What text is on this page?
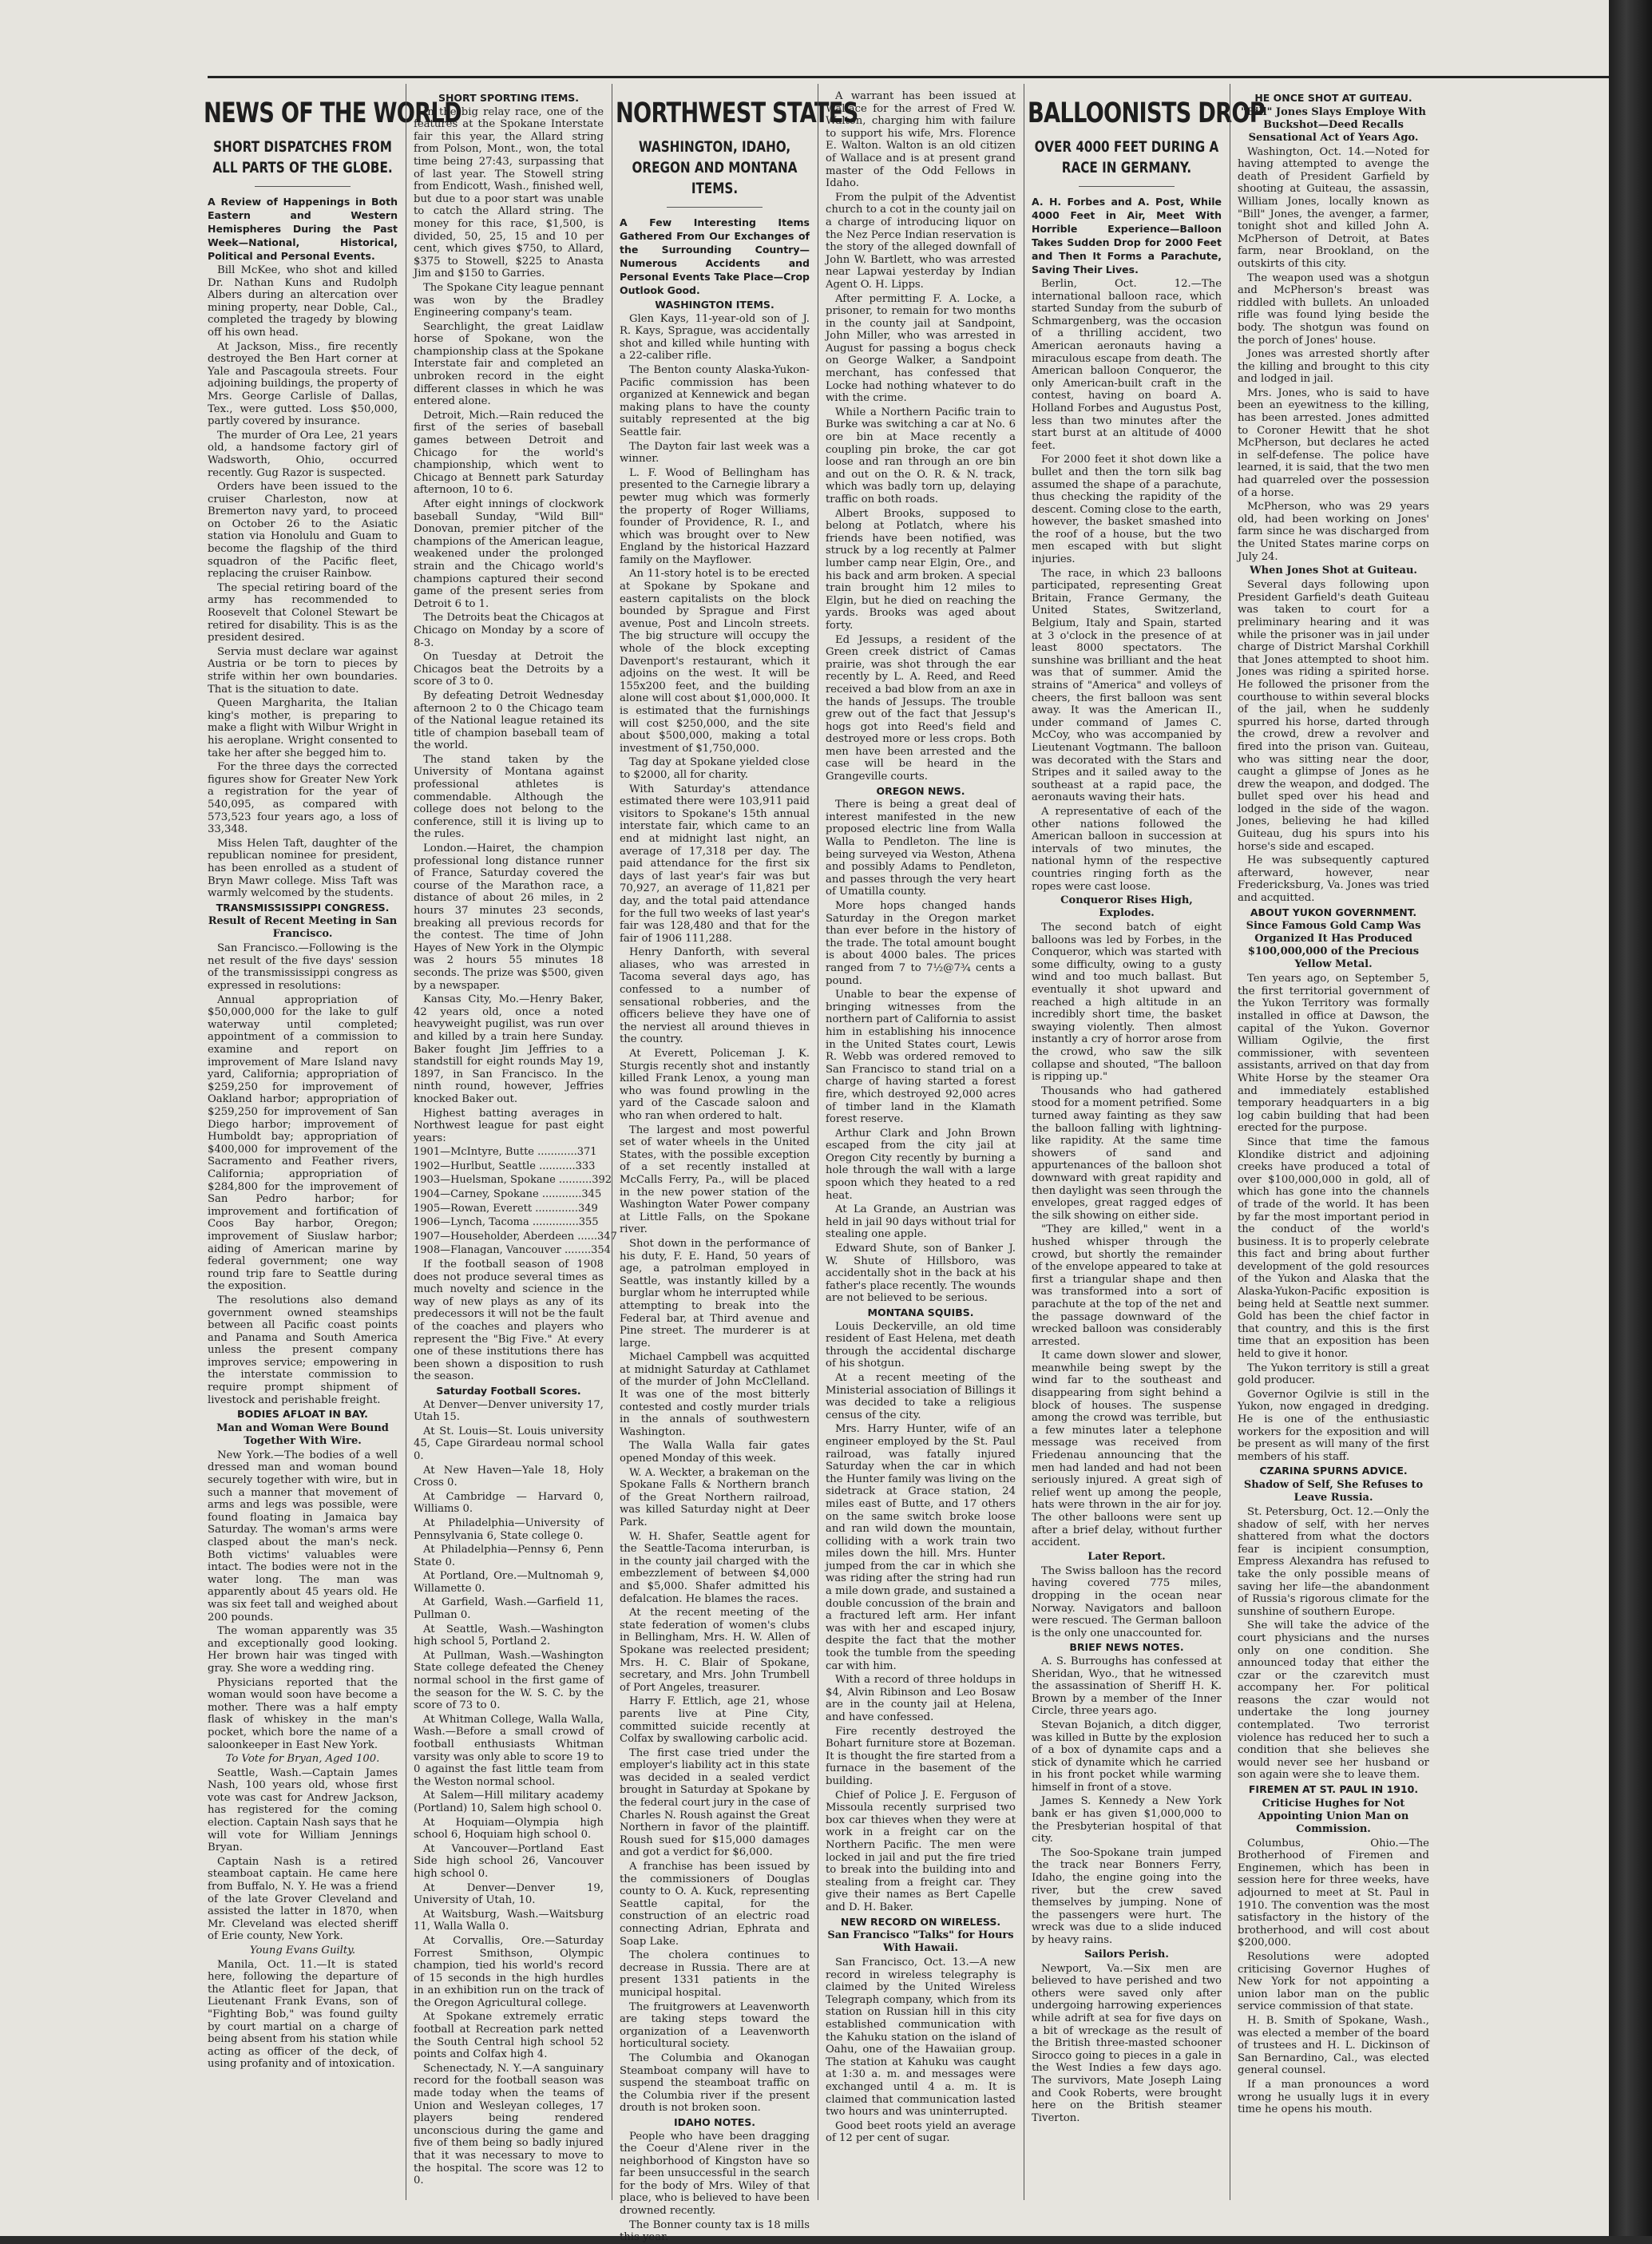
NEWS OF THE WORLD
SHORT DISPATCHES FROM ALL PARTS OF THE GLOBE.

A Review of Happenings in Both Eastern and Western Hemispheres During the Past Week—National, Historical, Political and Personal Events.

Bill McKee, who shot and killed Dr. Nathan Kuns and Rudolph Albers during an altercation over mining property, near Doble, Cal., completed the tragedy by blowing off his own head.

At Jackson, Miss., fire recently destroyed the Ben Hart corner at Yale and Pascagoula streets. Four adjoining buildings, the property of Mrs. George Carlisle of Dallas, Tex., were gutted. Loss $50,000, partly covered by insurance.

The murder of Ora Lee, 21 years old, a handsome factory girl of Wadsworth, Ohio, occurred recently. Gug Razor is suspected.

Orders have been issued to the cruiser Charleston, now at Bremerton navy yard, to proceed on October 26 to the Asiatic station via Honolulu and Guam to become the flagship of the third squadron of the Pacific fleet, replacing the cruiser Rainbow.

The special retiring board of the army has recommended to Roosevelt that Colonel Stewart be retired for disability. This is as the president desired.

Servia must declare war against Austria or be torn to pieces by strife within her own boundaries. That is the situation to date.

Queen Margharita, the Italian king's mother, is preparing to make a flight with Wilbur Wright in his aeroplane. Wright consented to take her after she begged him to.

For the three days the corrected figures show for Greater New York a registration for the year of 540,095, as compared with 573,523 four years ago, a loss of 33,348.

Miss Helen Taft, daughter of the republican nominee for president, has been enrolled as a student of Bryn Mawr college. Miss Taft was warmly welcomed by the students.

TRANSMISSISSIPPI CONGRESS.

Result of Recent Meeting in San Francisco.

San Francisco.—Following is the net result of the five days' session of the transmississippi congress as expressed in resolutions:

Annual appropriation of $50,000,000 for the lake to gulf waterway until completed; appointment of a commission to examine and report on improvement of Mare Island navy yard, California; appropriation of $259,250 for improvement of Oakland harbor; appropriation of $259,250 for improvement of San Diego harbor; improvement of Humboldt bay; appropriation of $400,000 for improvement of the Sacramento and Feather rivers, California; appropriation of $284,800 for the improvement of San Pedro harbor; for improvement and fortification of Coos Bay harbor, Oregon; improvement of Siuslaw harbor; aiding of American marine by federal government; one way round trip fare to Seattle during the exposition.

The resolutions also demand government owned steamships between all Pacific coast points and Panama and South America unless the present company improves service; empowering in the interstate commission to require prompt shipment of livestock and perishable freight.

BODIES AFLOAT IN BAY.

Man and Woman Were Bound Together With Wire.

New York.—The bodies of a well dressed man and woman bound securely together with wire, but in such a manner that movement of arms and legs was possible, were found floating in Jamaica bay Saturday. The woman's arms were clasped about the man's neck. Both victims' valuables were intact. The bodies were not in the water long. The man was apparently about 45 years old. He was six feet tall and weighed about 200 pounds.

The woman apparently was 35 and exceptionally good looking. Her brown hair was tinged with gray. She wore a wedding ring.

Physicians reported that the woman would soon have become a mother. There was a half empty flask of whiskey in the man's pocket, which bore the name of a saloonkeeper in East New York.

To Vote for Bryan, Aged 100.

Seattle, Wash.—Captain James Nash, 100 years old, whose first vote was cast for Andrew Jackson, has registered for the coming election. Captain Nash says that he will vote for William Jennings Bryan.

Captain Nash is a retired steamboat captain. He came here from Buffalo, N. Y. He was a friend of the late Grover Cleveland and assisted the latter in 1870, when Mr. Cleveland was elected sheriff of Erie county, New York.

Young Evans Guilty.

Manila, Oct. 11.—It is stated here, following the departure of the Atlantic fleet for Japan, that Lieutenant Frank Evans, son of "Fighting Bob," was found guilty by court martial on a charge of being absent from his station while acting as officer of the deck, of using profanity and of intoxication.

SHORT SPORTING ITEMS.

In the big relay race, one of the features at the Spokane Interstate fair this year, the Allard string from Polson, Mont., won, the total time being 27:43, surpassing that of last year. The Stowell string from Endicott, Wash., finished well, but due to a poor start was unable to catch the Allard string. The money for this race, $1,500, is divided, 50, 25, 15 and 10 per cent, which gives $750, to Allard, $375 to Stowell, $225 to Anasta Jim and $150 to Garries.

The Spokane City league pennant was won by the Bradley Engineering company's team.

Searchlight, the great Laidlaw horse of Spokane, won the championship class at the Spokane Interstate fair and completed an unbroken record in the eight different classes in which he was entered alone.

Detroit, Mich.—Rain reduced the first of the series of baseball games between Detroit and Chicago for the world's championship, which went to Chicago at Bennett park Saturday afternoon, 10 to 6.

After eight innings of clockwork baseball Sunday, "Wild Bill" Donovan, premier pitcher of the champions of the American league, weakened under the prolonged strain and the Chicago world's champions captured their second game of the present series from Detroit 6 to 1.

The Detroits beat the Chicagos at Chicago on Monday by a score of 8-3.

On Tuesday at Detroit the Chicagos beat the Detroits by a score of 3 to 0.

By defeating Detroit Wednesday afternoon 2 to 0 the Chicago team of the National league retained its title of champion baseball team of the world.

The stand taken by the University of Montana against professional athletes is commendable. Although the college does not belong to the conference, still it is living up to the rules.

London.—Hairet, the champion professional long distance runner of France, Saturday covered the course of the Marathon race, a distance of about 26 miles, in 2 hours 37 minutes 23 seconds, breaking all previous records for the contest. The time of John Hayes of New York in the Olympic was 2 hours 55 minutes 18 seconds. The prize was $500, given by a newspaper.

Kansas City, Mo.—Henry Baker, 42 years old, once a noted heavyweight pugilist, was run over and killed by a train here Sunday. Baker fought Jim Jeffries to a standstill for eight rounds May 19, 1897, in San Francisco. In the ninth round, however, Jeffries knocked Baker out.

Highest batting averages in Northwest league for past eight years:

1901—McIntyre, Butte ............371

1902—Hurlbut, Seattle ...........333

1903—Huelsman, Spokane ..........392

1904—Carney, Spokane ............345

1905—Rowan, Everett .............349

1906—Lynch, Tacoma ..............355

1907—Householder, Aberdeen ......347

1908—Flanagan, Vancouver ........354

If the football season of 1908 does not produce several times as much novelty and science in the way of new plays as any of its predecessors it will not be the fault of the coaches and players who represent the "Big Five." At every one of these institutions there has been shown a disposition to rush the season.

Saturday Football Scores.

At Denver—Denver university 17, Utah 15.

At St. Louis—St. Louis university 45, Cape Girardeau normal school 0.

At New Haven—Yale 18, Holy Cross 0.

At Cambridge — Harvard 0, Williams 0.

At Philadelphia—University of Pennsylvania 6, State college 0.

At Philadelphia—Pennsy 6, Penn State 0.

At Portland, Ore.—Multnomah 9, Willamette 0.

At Garfield, Wash.—Garfield 11, Pullman 0.

At Seattle, Wash.—Washington high school 5, Portland 2.

At Pullman, Wash.—Washington State college defeated the Cheney normal school in the first game of the season for the W. S. C. by the score of 73 to 0.

At Whitman College, Walla Walla, Wash.—Before a small crowd of football enthusiasts Whitman varsity was only able to score 19 to 0 against the fast little team from the Weston normal school.

At Salem—Hill military academy (Portland) 10, Salem high school 0.

At Hoquiam—Olympia high school 6, Hoquiam high school 0.

At Vancouver—Portland East Side high school 26, Vancouver high school 0.

At Denver—Denver 19, University of Utah, 10.

At Waitsburg, Wash.—Waitsburg 11, Walla Walla 0.

At Corvallis, Ore.—Saturday Forrest Smithson, Olympic champion, tied his world's record of 15 seconds in the high hurdles in an exhibition run on the track of the Oregon Agricultural college.

At Spokane extremely erratic football at Recreation park netted the South Central high school 52 points and Colfax high 4.

Schenectady, N. Y.—A sanguinary record for the football season was made today when the teams of Union and Wesleyan colleges, 17 players being rendered unconscious during the game and five of them being so badly injured that it was necessary to move to the hospital. The score was 12 to 0.

NORTHWEST STATES
WASHINGTON, IDAHO, OREGON AND MONTANA ITEMS.

A Few Interesting Items Gathered From Our Exchanges of the Surrounding Country—Numerous Accidents and Personal Events Take Place—Crop Outlook Good.

WASHINGTON ITEMS.

Glen Kays, 11-year-old son of J. R. Kays, Sprague, was accidentally shot and killed while hunting with a 22-caliber rifle.

The Benton county Alaska-Yukon-Pacific commission has been organized at Kennewick and began making plans to have the county suitably represented at the big Seattle fair.

The Dayton fair last week was a winner.

L. F. Wood of Bellingham has presented to the Carnegie library a pewter mug which was formerly the property of Roger Williams, founder of Providence, R. I., and which was brought over to New England by the historical Hazzard family on the Mayflower.

An 11-story hotel is to be erected at Spokane by Spokane and eastern capitalists on the block bounded by Sprague and First avenue, Post and Lincoln streets. The big structure will occupy the whole of the block excepting Davenport's restaurant, which it adjoins on the west. It will be 155x200 feet, and the building alone will cost about $1,000,000. It is estimated that the furnishings will cost $250,000, and the site about $500,000, making a total investment of $1,750,000.

Tag day at Spokane yielded close to $2000, all for charity.

With Saturday's attendance estimated there were 103,911 paid visitors to Spokane's 15th annual interstate fair, which came to an end at midnight last night, an average of 17,318 per day. The paid attendance for the first six days of last year's fair was but 70,927, an average of 11,821 per day, and the total paid attendance for the full two weeks of last year's fair was 128,480 and that for the fair of 1906 111,288.

Henry Danforth, with several aliases, who was arrested in Tacoma several days ago, has confessed to a number of sensational robberies, and the officers believe they have one of the nerviest all around thieves in the country.

At Everett, Policeman J. K. Sturgis recently shot and instantly killed Frank Lenox, a young man who was found prowling in the yard of the Cascade saloon and who ran when ordered to halt.

The largest and most powerful set of water wheels in the United States, with the possible exception of a set recently installed at McCalls Ferry, Pa., will be placed in the new power station of the Washington Water Power company at Little Falls, on the Spokane river.

Shot down in the performance of his duty, F. E. Hand, 50 years of age, a patrolman employed in Seattle, was instantly killed by a burglar whom he interrupted while attempting to break into the Federal bar, at Third avenue and Pine street. The murderer is at large.

Michael Campbell was acquitted at midnight Saturday at Cathlamet of the murder of John McClelland. It was one of the most bitterly contested and costly murder trials in the annals of southwestern Washington.

The Walla Walla fair gates opened Monday of this week.

W. A. Weckter, a brakeman on the Spokane Falls & Northern branch of the Great Northern railroad, was killed Saturday night at Deer Park.

W. H. Shafer, Seattle agent for the Seattle-Tacoma interurban, is in the county jail charged with the embezzlement of between $4,000 and $5,000. Shafer admitted his defalcation. He blames the races.

At the recent meeting of the state federation of women's clubs in Bellingham, Mrs. H. W. Allen of Spokane was reelected president; Mrs. H. C. Blair of Spokane, secretary, and Mrs. John Trumbell of Port Angeles, treasurer.

Harry F. Ettlich, age 21, whose parents live at Pine City, committed suicide recently at Colfax by swallowing carbolic acid.

The first case tried under the employer's liability act in this state was decided in a sealed verdict brought in Saturday at Spokane by the federal court jury in the case of Charles N. Roush against the Great Northern in favor of the plaintiff. Roush sued for $15,000 damages and got a verdict for $6,000.

A franchise has been issued by the commissioners of Douglas county to O. A. Kuck, representing Seattle capital, for the construction of an electric road connecting Adrian, Ephrata and Soap Lake.

The cholera continues to decrease in Russia. There are at present 1331 patients in the municipal hospital.

The fruitgrowers at Leavenworth are taking steps toward the organization of a Leavenworth horticultural society.

The Columbia and Okanogan Steamboat company will have to suspend the steamboat traffic on the Columbia river if the present drouth is not broken soon.

IDAHO NOTES.

People who have been dragging the Coeur d'Alene river in the neighborhood of Kingston have so far been unsuccessful in the search for the body of Mrs. Wiley of that place, who is believed to have been drowned recently.

The Bonner county tax is 18 mills this year.

A warrant has been issued at Wallace for the arrest of Fred W. Walton, charging him with failure to support his wife, Mrs. Florence E. Walton. Walton is an old citizen of Wallace and is at present grand master of the Odd Fellows in Idaho.

From the pulpit of the Adventist church to a cot in the county jail on a charge of introducing liquor on the Nez Perce Indian reservation is the story of the alleged downfall of John W. Bartlett, who was arrested near Lapwai yesterday by Indian Agent O. H. Lipps.

After permitting F. A. Locke, a prisoner, to remain for two months in the county jail at Sandpoint, John Miller, who was arrested in August for passing a bogus check on George Walker, a Sandpoint merchant, has confessed that Locke had nothing whatever to do with the crime.

While a Northern Pacific train to Burke was switching a car at No. 6 ore bin at Mace recently a coupling pin broke, the car got loose and ran through an ore bin and out on the O. R. & N. track, which was badly torn up, delaying traffic on both roads.

Albert Brooks, supposed to belong at Potlatch, where his friends have been notified, was struck by a log recently at Palmer lumber camp near Elgin, Ore., and his back and arm broken. A special train brought him 12 miles to Elgin, but he died on reaching the yards. Brooks was aged about forty.

Ed Jessups, a resident of the Green creek district of Camas prairie, was shot through the ear recently by L. A. Reed, and Reed received a bad blow from an axe in the hands of Jessups. The trouble grew out of the fact that Jessup's hogs got into Reed's field and destroyed more or less crops. Both men have been arrested and the case will be heard in the Grangeville courts.

OREGON NEWS.

There is being a great deal of interest manifested in the new proposed electric line from Walla Walla to Pendleton. The line is being surveyed via Weston, Athena and possibly Adams to Pendleton, and passes through the very heart of Umatilla county.

More hops changed hands Saturday in the Oregon market than ever before in the history of the trade. The total amount bought is about 4000 bales. The prices ranged from 7 to 7½@7¾ cents a pound.

Unable to bear the expense of bringing witnesses from the northern part of California to assist him in establishing his innocence in the United States court, Lewis R. Webb was ordered removed to San Francisco to stand trial on a charge of having started a forest fire, which destroyed 92,000 acres of timber land in the Klamath forest reserve.

Arthur Clark and John Brown escaped from the city jail at Oregon City recently by burning a hole through the wall with a large spoon which they heated to a red heat.

At La Grande, an Austrian was held in jail 90 days without trial for stealing one apple.

Edward Shute, son of Banker J. W. Shute of Hillsboro, was accidentally shot in the back at his father's place recently. The wounds are not believed to be serious.

MONTANA SQUIBS.

Louis Deckerville, an old time resident of East Helena, met death through the accidental discharge of his shotgun.

At a recent meeting of the Ministerial association of Billings it was decided to take a religious census of the city.

Mrs. Harry Hunter, wife of an engineer employed by the St. Paul railroad, was fatally injured Saturday when the car in which the Hunter family was living on the sidetrack at Grace station, 24 miles east of Butte, and 17 others on the same switch broke loose and ran wild down the mountain, colliding with a work train two miles down the hill. Mrs. Hunter jumped from the car in which she was riding after the string had run a mile down grade, and sustained a double concussion of the brain and a fractured left arm. Her infant was with her and escaped injury, despite the fact that the mother took the tumble from the speeding car with him.

With a record of three holdups in $4, Alvin Ribinson and Leo Bosaw are in the county jail at Helena, and have confessed.

Fire recently destroyed the Bohart furniture store at Bozeman. It is thought the fire started from a furnace in the basement of the building.

Chief of Police J. E. Ferguson of Missoula recently surprised two box car thieves when they were at work in a freight car on the Northern Pacific. The men were locked in jail and put the fire tried to break into the building into and stealing from a freight car. They give their names as Bert Capelle and D. H. Baker.

NEW RECORD ON WIRELESS.

San Francisco "Talks" for Hours With Hawaii.

San Francisco, Oct. 13.—A new record in wireless telegraphy is claimed by the United Wireless Telegraph company, which from its station on Russian hill in this city established communication with the Kahuku station on the island of Oahu, one of the Hawaiian group. The station at Kahuku was caught at 1:30 a. m. and messages were exchanged until 4 a. m. It is claimed that communication lasted two hours and was uninterrupted.

Good beet roots yield an average of 12 per cent of sugar.

BALLOONISTS DROP
OVER 4000 FEET DURING A RACE IN GERMANY.

A. H. Forbes and A. Post, While 4000 Feet in Air, Meet With Horrible Experience—Balloon Takes Sudden Drop for 2000 Feet and Then It Forms a Parachute, Saving Their Lives.

Berlin, Oct. 12.—The international balloon race, which started Sunday from the suburb of Schmargenberg, was the occasion of a thrilling accident, two American aeronauts having a miraculous escape from death. The American balloon Conqueror, the only American-built craft in the contest, having on board A. Holland Forbes and Augustus Post, less than two minutes after the start burst at an altitude of 4000 feet.

For 2000 feet it shot down like a bullet and then the torn silk bag assumed the shape of a parachute, thus checking the rapidity of the descent. Coming close to the earth, however, the basket smashed into the roof of a house, but the two men escaped with but slight injuries.

The race, in which 23 balloons participated, representing Great Britain, France Germany, the United States, Switzerland, Belgium, Italy and Spain, started at 3 o'clock in the presence of at least 8000 spectators. The sunshine was brilliant and the heat was that of summer. Amid the strains of "America" and volleys of cheers, the first balloon was sent away. It was the American II., under command of James C. McCoy, who was accompanied by Lieutenant Vogtmann. The balloon was decorated with the Stars and Stripes and it sailed away to the southeast at a rapid pace, the aeronauts waving their hats.

A representative of each of the other nations followed the American balloon in succession at intervals of two minutes, the national hymn of the respective countries ringing forth as the ropes were cast loose.

Conqueror Rises High, Explodes.

The second batch of eight balloons was led by Forbes, in the Conqueror, which was started with some difficulty, owing to a gusty wind and too much ballast. But eventually it shot upward and reached a high altitude in an incredibly short time, the basket swaying violently. Then almost instantly a cry of horror arose from the crowd, who saw the silk collapse and shouted, "The balloon is ripping up."

Thousands who had gathered stood for a moment petrified. Some turned away fainting as they saw the balloon falling with lightning-like rapidity. At the same time showers of sand and appurtenances of the balloon shot downward with great rapidity and then daylight was seen through the envelopes, great ragged edges of the silk showing on either side.

"They are killed," went in a hushed whisper through the crowd, but shortly the remainder of the envelope appeared to take at first a triangular shape and then was transformed into a sort of parachute at the top of the net and the passage downward of the wrecked balloon was considerably arrested.

It came down slower and slower, meanwhile being swept by the wind far to the southeast and disappearing from sight behind a block of houses. The suspense among the crowd was terrible, but a few minutes later a telephone message was received from Friedenau announcing that the men had landed and had not been seriously injured. A great sigh of relief went up among the people, hats were thrown in the air for joy. The other balloons were sent up after a brief delay, without further accident.

Later Report.

The Swiss balloon has the record having covered 775 miles, dropping in the ocean near Norway. Navigators and balloon were rescued. The German balloon is the only one unaccounted for.

BRIEF NEWS NOTES.

A. S. Burroughs has confessed at Sheridan, Wyo., that he witnessed the assassination of Sheriff H. K. Brown by a member of the Inner Circle, three years ago.

Stevan Bojanich, a ditch digger, was killed in Butte by the explosion of a box of dynamite caps and a stick of dynamite which he carried in his front pocket while warming himself in front of a stove.

James S. Kennedy a New York bank er has given $1,000,000 to the Presbyterian hospital of that city.

The Soo-Spokane train jumped the track near Bonners Ferry, Idaho, the engine going into the river, but the crew saved themselves by jumping. None of the passengers were hurt. The wreck was due to a slide induced by heavy rains.

Sailors Perish.

Newport, Va.—Six men are believed to have perished and two others were saved only after undergoing harrowing experiences while adrift at sea for five days on a bit of wreckage as the result of the British three-masted schooner Sirocco going to pieces in a gale in the West Indies a few days ago. The survivors, Mate Joseph Laing and Cook Roberts, were brought here on the British steamer Tiverton.

HE ONCE SHOT AT GUITEAU.

"Bill" Jones Slays Employe With Buckshot—Deed Recalls Sensational Act of Years Ago.

Washington, Oct. 14.—Noted for having attempted to avenge the death of President Garfield by shooting at Guiteau, the assassin, William Jones, locally known as "Bill" Jones, the avenger, a farmer, tonight shot and killed John A. McPherson of Detroit, at Bates farm, near Brookland, on the outskirts of this city.

The weapon used was a shotgun and McPherson's breast was riddled with bullets. An unloaded rifle was found lying beside the body. The shotgun was found on the porch of Jones' house.

Jones was arrested shortly after the killing and brought to this city and lodged in jail.

Mrs. Jones, who is said to have been an eyewitness to the killing, has been arrested. Jones admitted to Coroner Hewitt that he shot McPherson, but declares he acted in self-defense. The police have learned, it is said, that the two men had quarreled over the possession of a horse.

McPherson, who was 29 years old, had been working on Jones' farm since he was discharged from the United States marine corps on July 24.

When Jones Shot at Guiteau.

Several days following upon President Garfield's death Guiteau was taken to court for a preliminary hearing and it was while the prisoner was in jail under charge of District Marshal Corkhill that Jones attempted to shoot him. Jones was riding a spirited horse. He followed the prisoner from the courthouse to within several blocks of the jail, when he suddenly spurred his horse, darted through the crowd, drew a revolver and fired into the prison van. Guiteau, who was sitting near the door, caught a glimpse of Jones as he drew the weapon, and dodged. The bullet sped over his head and lodged in the side of the wagon. Jones, believing he had killed Guiteau, dug his spurs into his horse's side and escaped.

He was subsequently captured afterward, however, near Fredericksburg, Va. Jones was tried and acquitted.

ABOUT YUKON GOVERNMENT.

Since Famous Gold Camp Was Organized It Has Produced $100,000,000 of the Precious Yellow Metal.

Ten years ago, on September 5, the first territorial government of the Yukon Territory was formally installed in office at Dawson, the capital of the Yukon. Governor William Ogilvie, the first commissioner, with seventeen assistants, arrived on that day from White Horse by the steamer Ora and immediately established temporary headquarters in a big log cabin building that had been erected for the purpose.

Since that time the famous Klondike district and adjoining creeks have produced a total of over $100,000,000 in gold, all of which has gone into the channels of trade of the world. It has been by far the most important period in the conduct of the world's business. It is to properly celebrate this fact and bring about further development of the gold resources of the Yukon and Alaska that the Alaska-Yukon-Pacific exposition is being held at Seattle next summer. Gold has been the chief factor in that country, and this is the first time that an exposition has been held to give it honor.

The Yukon territory is still a great gold producer.

Governor Ogilvie is still in the Yukon, now engaged in dredging. He is one of the enthusiastic workers for the exposition and will be present as will many of the first members of his staff.

CZARINA SPURNS ADVICE.

Shadow of Self, She Refuses to Leave Russia.

St. Petersburg, Oct. 12.—Only the shadow of self, with her nerves shattered from what the doctors fear is incipient consumption, Empress Alexandra has refused to take the only possible means of saving her life—the abandonment of Russia's rigorous climate for the sunshine of southern Europe.

She will take the advice of the court physicians and the nurses only on one condition. She announced today that either the czar or the czarevitch must accompany her. For political reasons the czar would not undertake the long journey contemplated. Two terrorist violence has reduced her to such a condition that she believes she would never see her husband or son again were she to leave them.

FIREMEN AT ST. PAUL IN 1910.

Criticise Hughes for Not Appointing Union Man on Commission.

Columbus, Ohio.—The Brotherhood of Firemen and Enginemen, which has been in session here for three weeks, have adjourned to meet at St. Paul in 1910. The convention was the most satisfactory in the history of the brotherhood, and will cost about $200,000.

Resolutions were adopted criticising Governor Hughes of New York for not appointing a union labor man on the public service commission of that state.

H. B. Smith of Spokane, Wash., was elected a member of the board of trustees and H. L. Dickinson of San Bernardino, Cal., was elected general counsel.

If a man pronounces a word wrong he usually lugs it in every time he opens his mouth.
